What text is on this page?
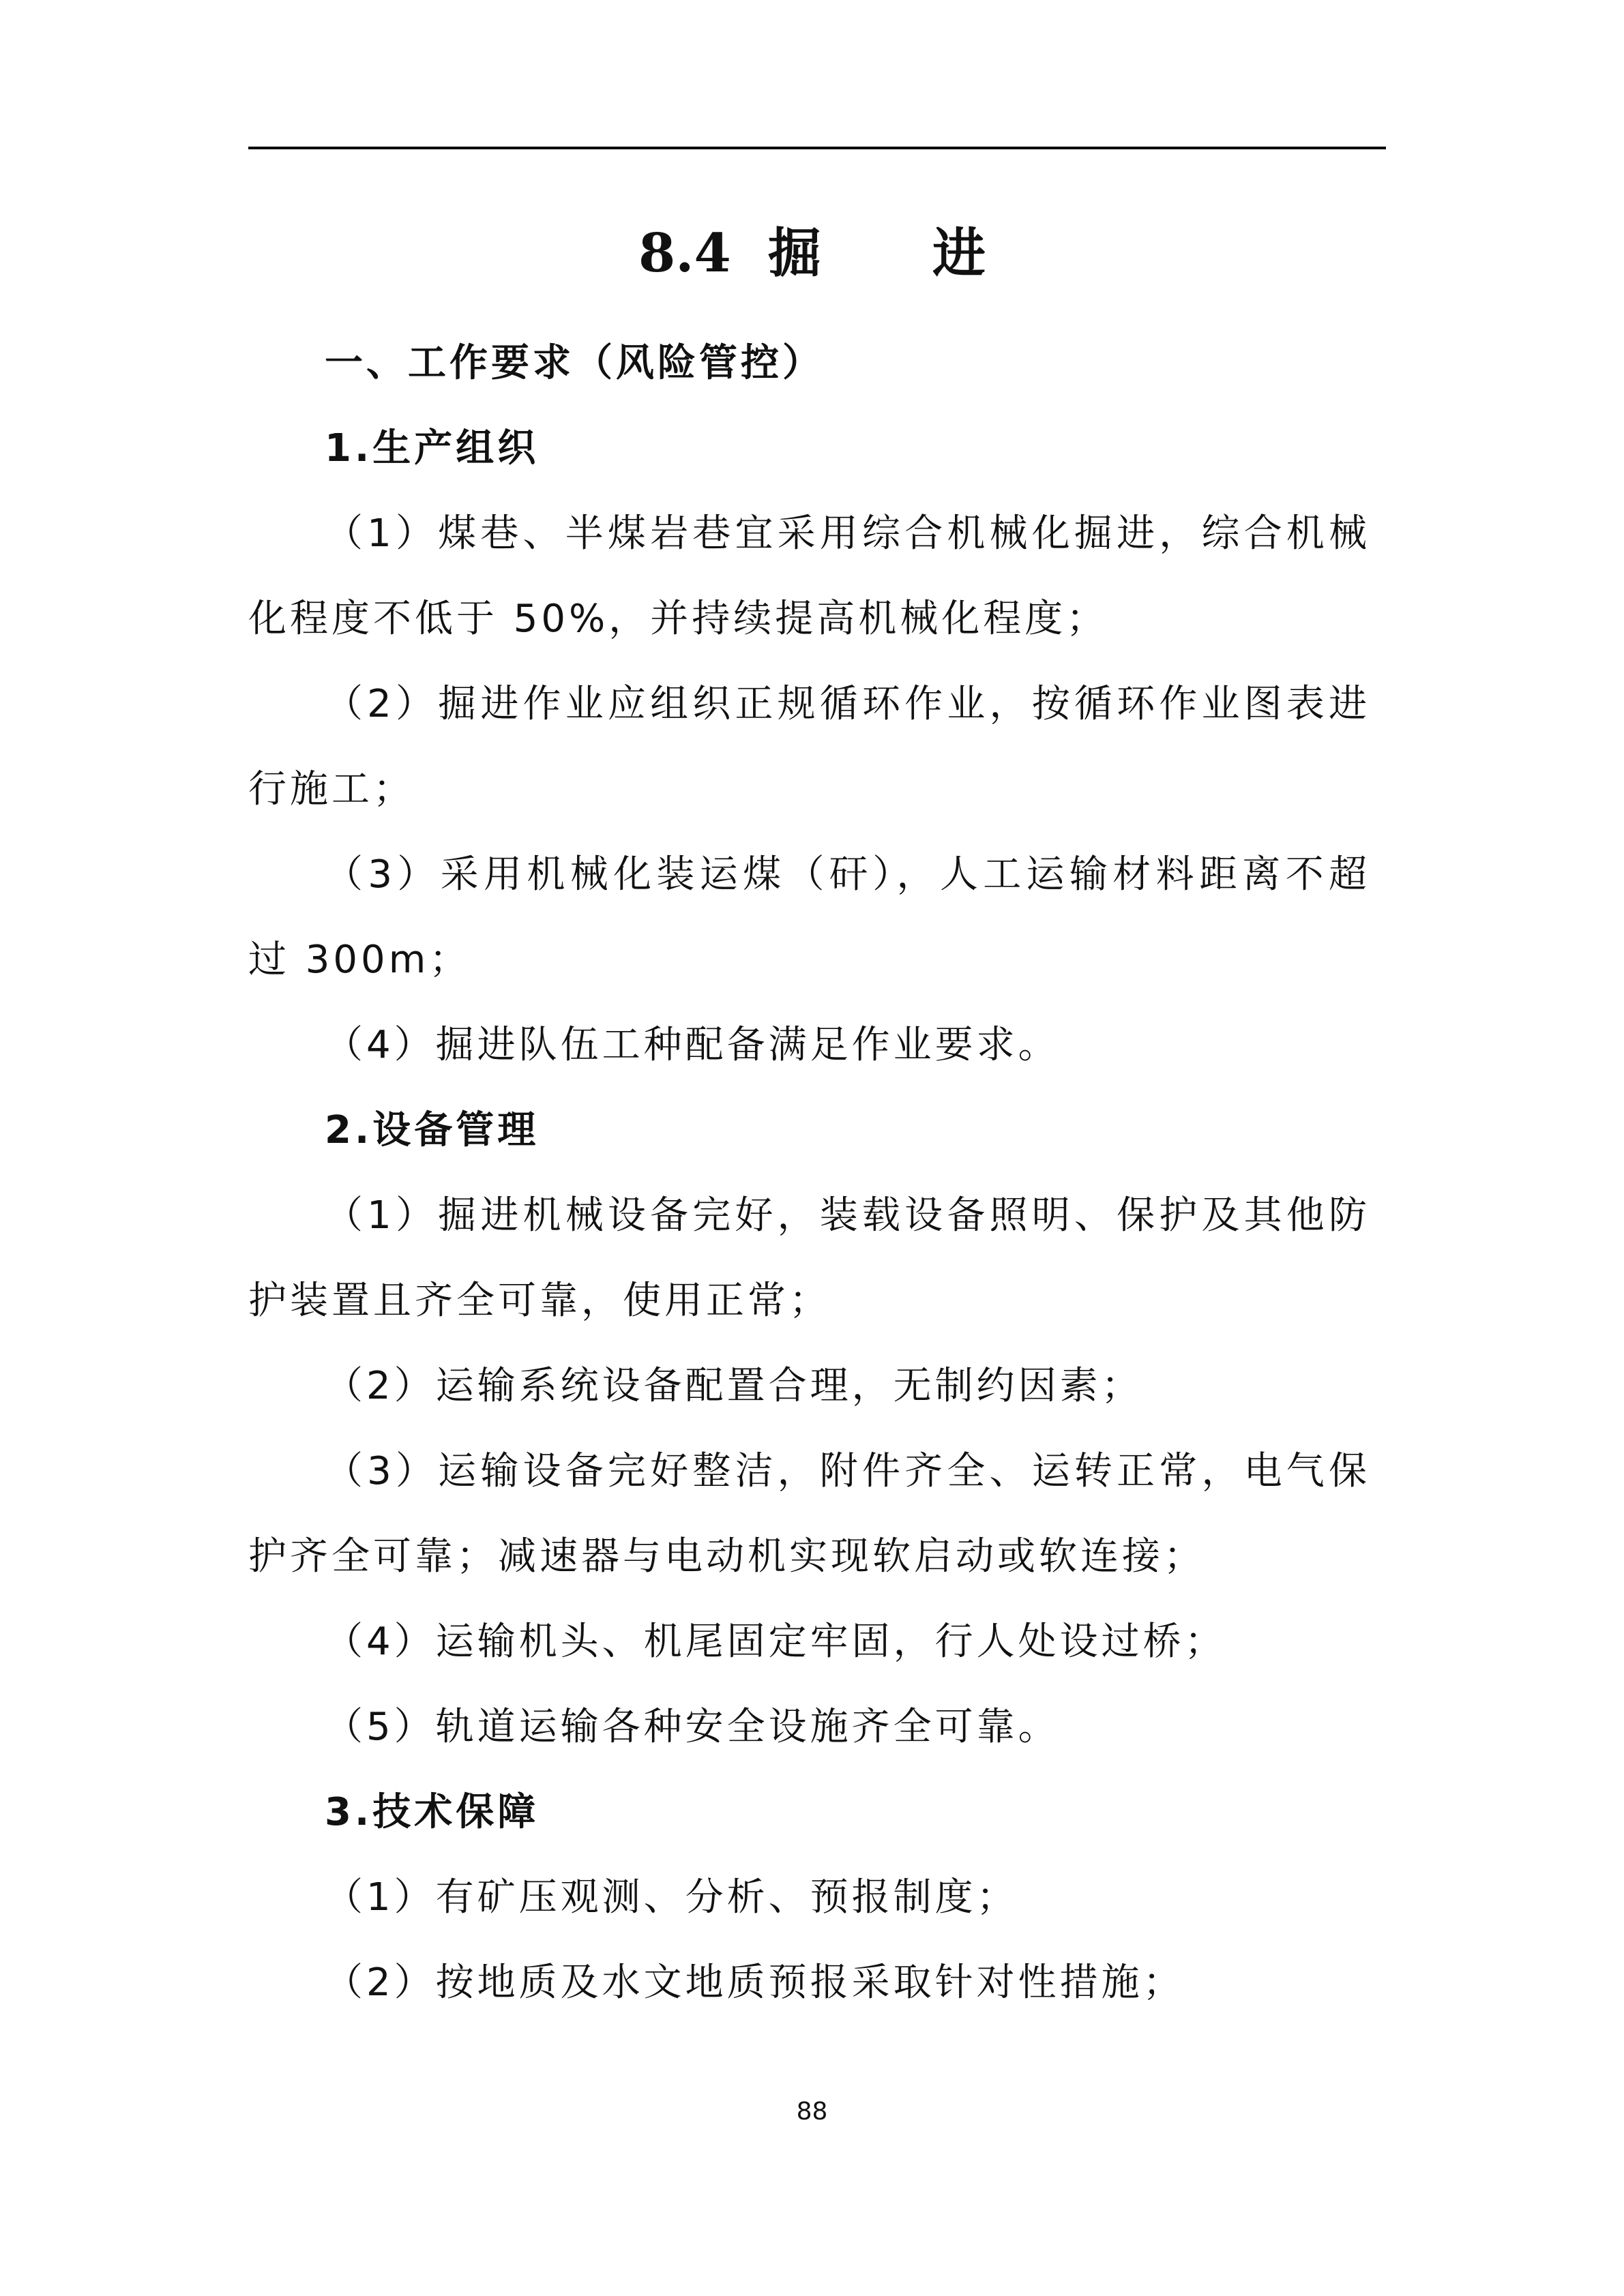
8.4  掘      进

一、工作要求（风险管控）

1.生产组织

（1）煤巷、半煤岩巷宜采用综合机械化掘进，综合机械化程度不低于 50%，并持续提高机械化程度；

（2）掘进作业应组织正规循环作业，按循环作业图表进行施工；

（3）采用机械化装运煤（矸），人工运输材料距离不超过 300m；

（4）掘进队伍工种配备满足作业要求。

2.设备管理

（1）掘进机械设备完好，装载设备照明、保护及其他防护装置且齐全可靠，使用正常；

（2）运输系统设备配置合理，无制约因素；

（3）运输设备完好整洁，附件齐全、运转正常，电气保护齐全可靠；减速器与电动机实现软启动或软连接；

（4）运输机头、机尾固定牢固，行人处设过桥；

（5）轨道运输各种安全设施齐全可靠。

3.技术保障

（1）有矿压观测、分析、预报制度；

（2）按地质及水文地质预报采取针对性措施；

88
